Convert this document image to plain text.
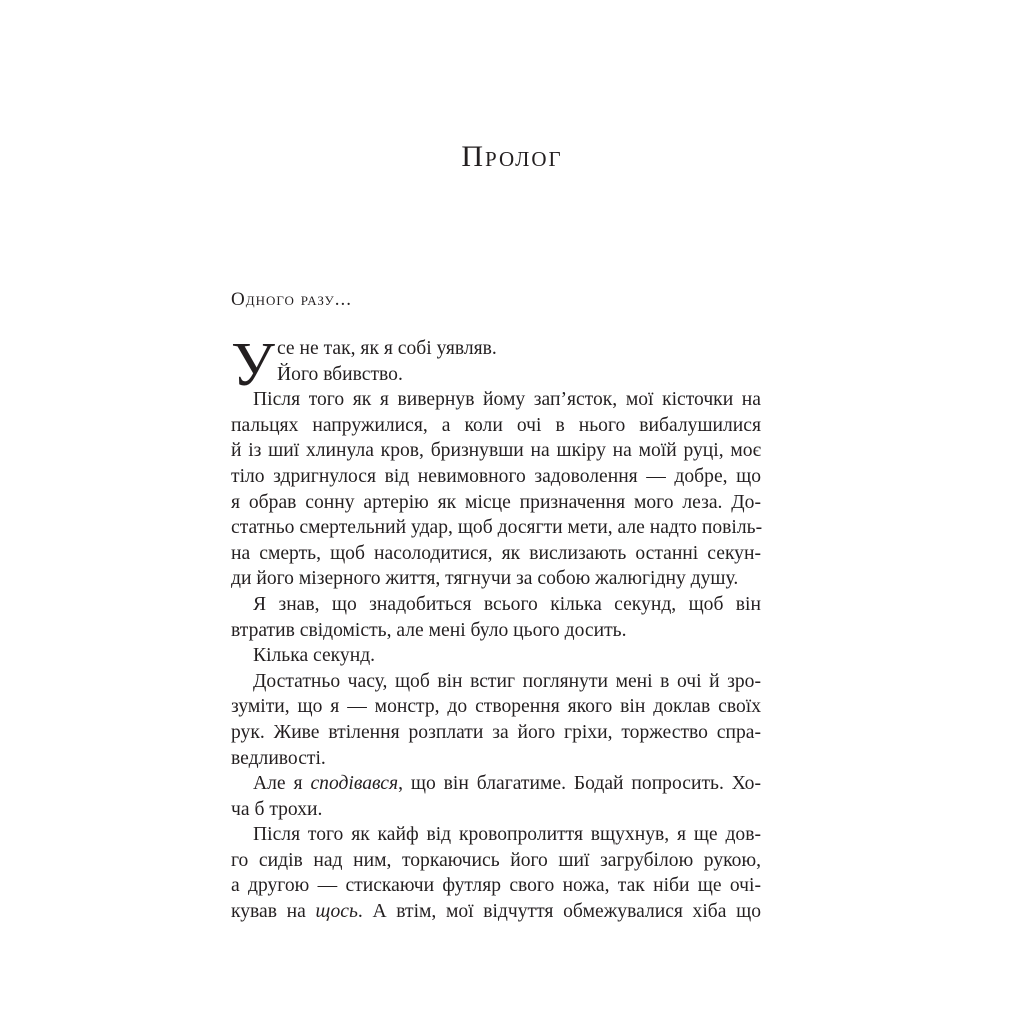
Пролог
Одного разу...
У се не так, як я собі уявляв.
Його вбивство.
Після того як я вивернув йому зап’ясток, мої кісточки на
пальцях напружилися, а коли очі в нього вибалушилися
й із шиї хлинула кров, бризнувши на шкіру на моїй руці, моє
тіло здригнулося від невимовного задоволення — добре, що
я обрав сонну артерію як місце призначення мого леза. До-
статньо смертельний удар, щоб досягти мети, але надто повіль-
на смерть, щоб насолодитися, як вислизають останні секун-
ди його мізерного життя, тягнучи за собою жалюгідну душу.
Я знав, що знадобиться всього кілька секунд, щоб він
втратив свідомість, але мені було цього досить.
Кілька секунд.
Достатньо часу, щоб він встиг поглянути мені в очі й зро-
зуміти, що я — монстр, до створення якого він доклав своїх
рук. Живе втілення розплати за його гріхи, торжество спра-
ведливості.
Але я сподівався, що він благатиме. Бодай попросить. Хо-
ча б трохи.
Після того як кайф від кровопролиття вщухнув, я ще дов-
го сидів над ним, торкаючись його шиї загрубілою рукою,
а другою — стискаючи футляр свого ножа, так ніби ще очі-
кував на щось. А втім, мої відчуття обмежувалися хіба що
